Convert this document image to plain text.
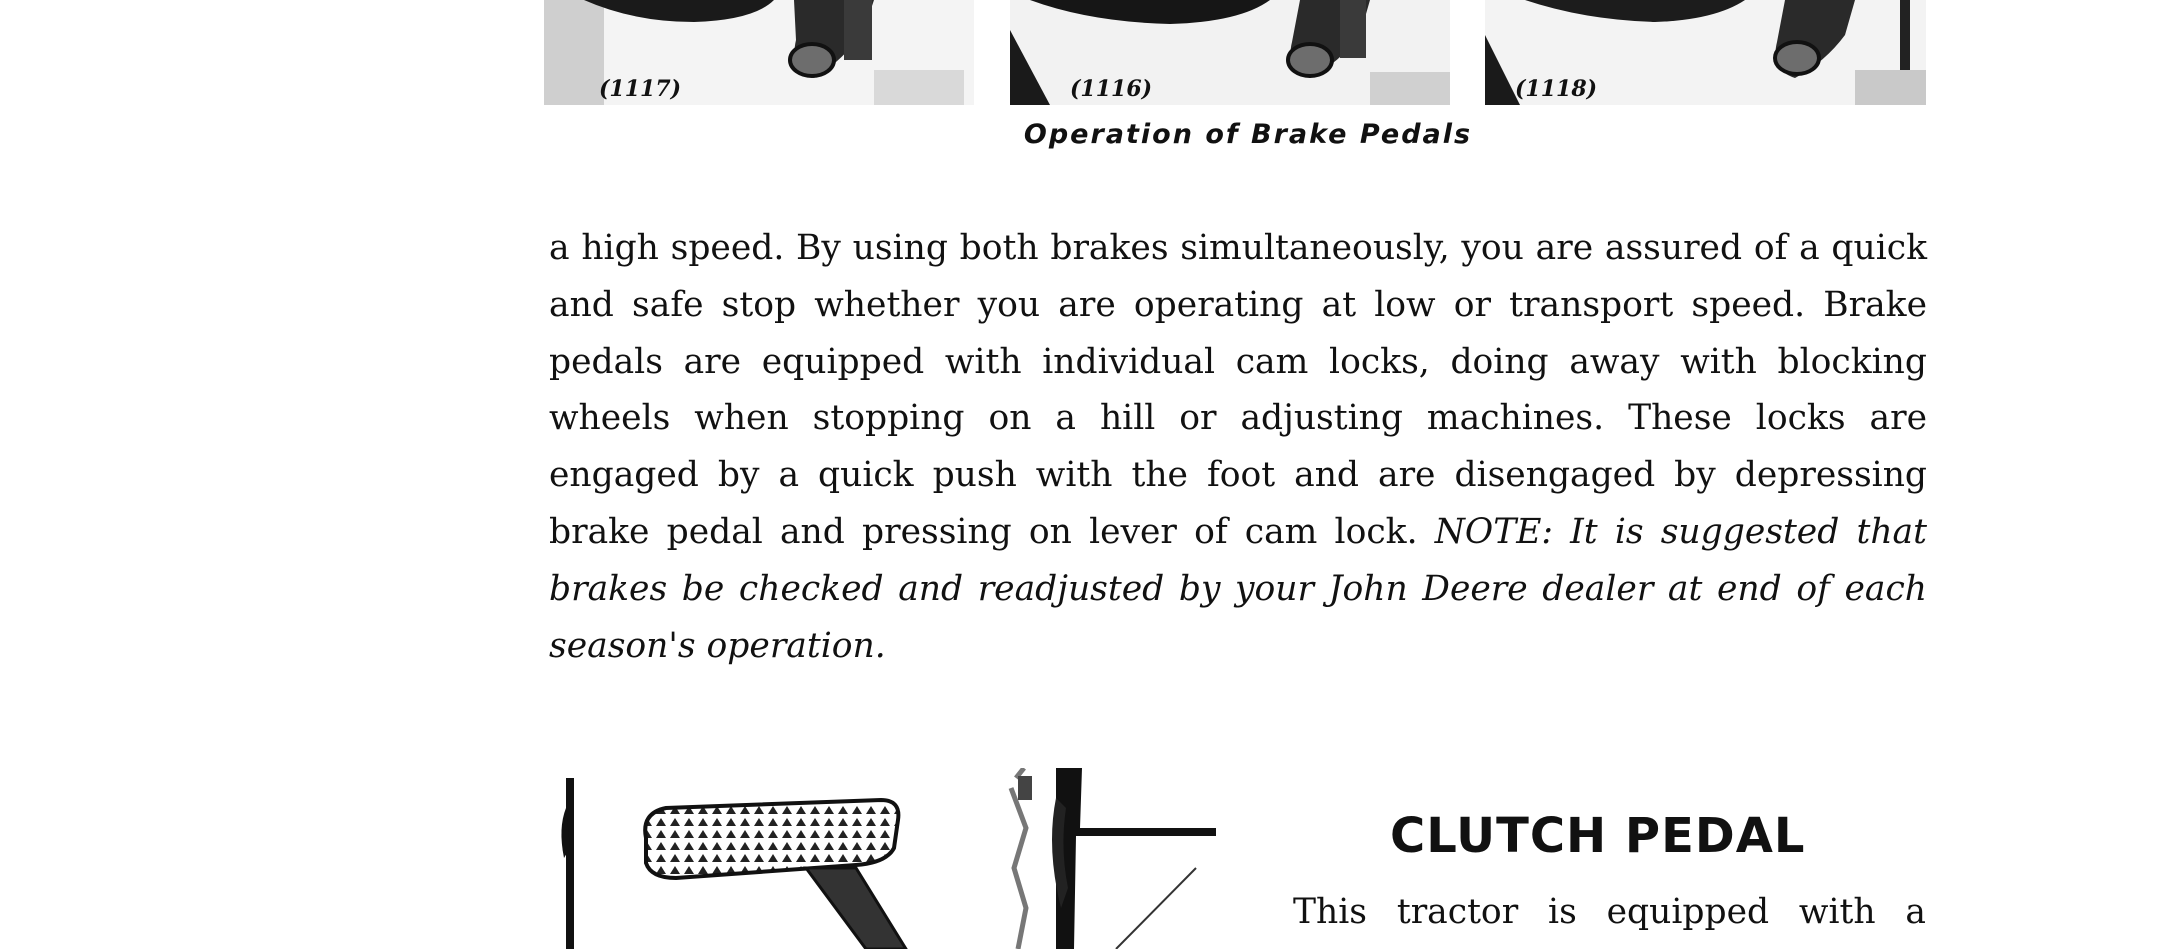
(1117)	(1116)	(1118)
Operation of Brake Pedals
a high speed. By using both brakes simultaneously, you are assured of a quick and safe stop whether you are operating at low or transport speed. Brake pedals are equipped with individual cam locks, doing away with blocking wheels when stopping on a hill or adjusting machines. These locks are engaged by a quick push with the foot and are disengaged by depressing brake pedal and pressing on lever of cam lock. NOTE: It is suggested that brakes be checked and readjusted by your John Deere dealer at end of each season's operation.
CLUTCH PEDAL
This tractor is equipped with a
